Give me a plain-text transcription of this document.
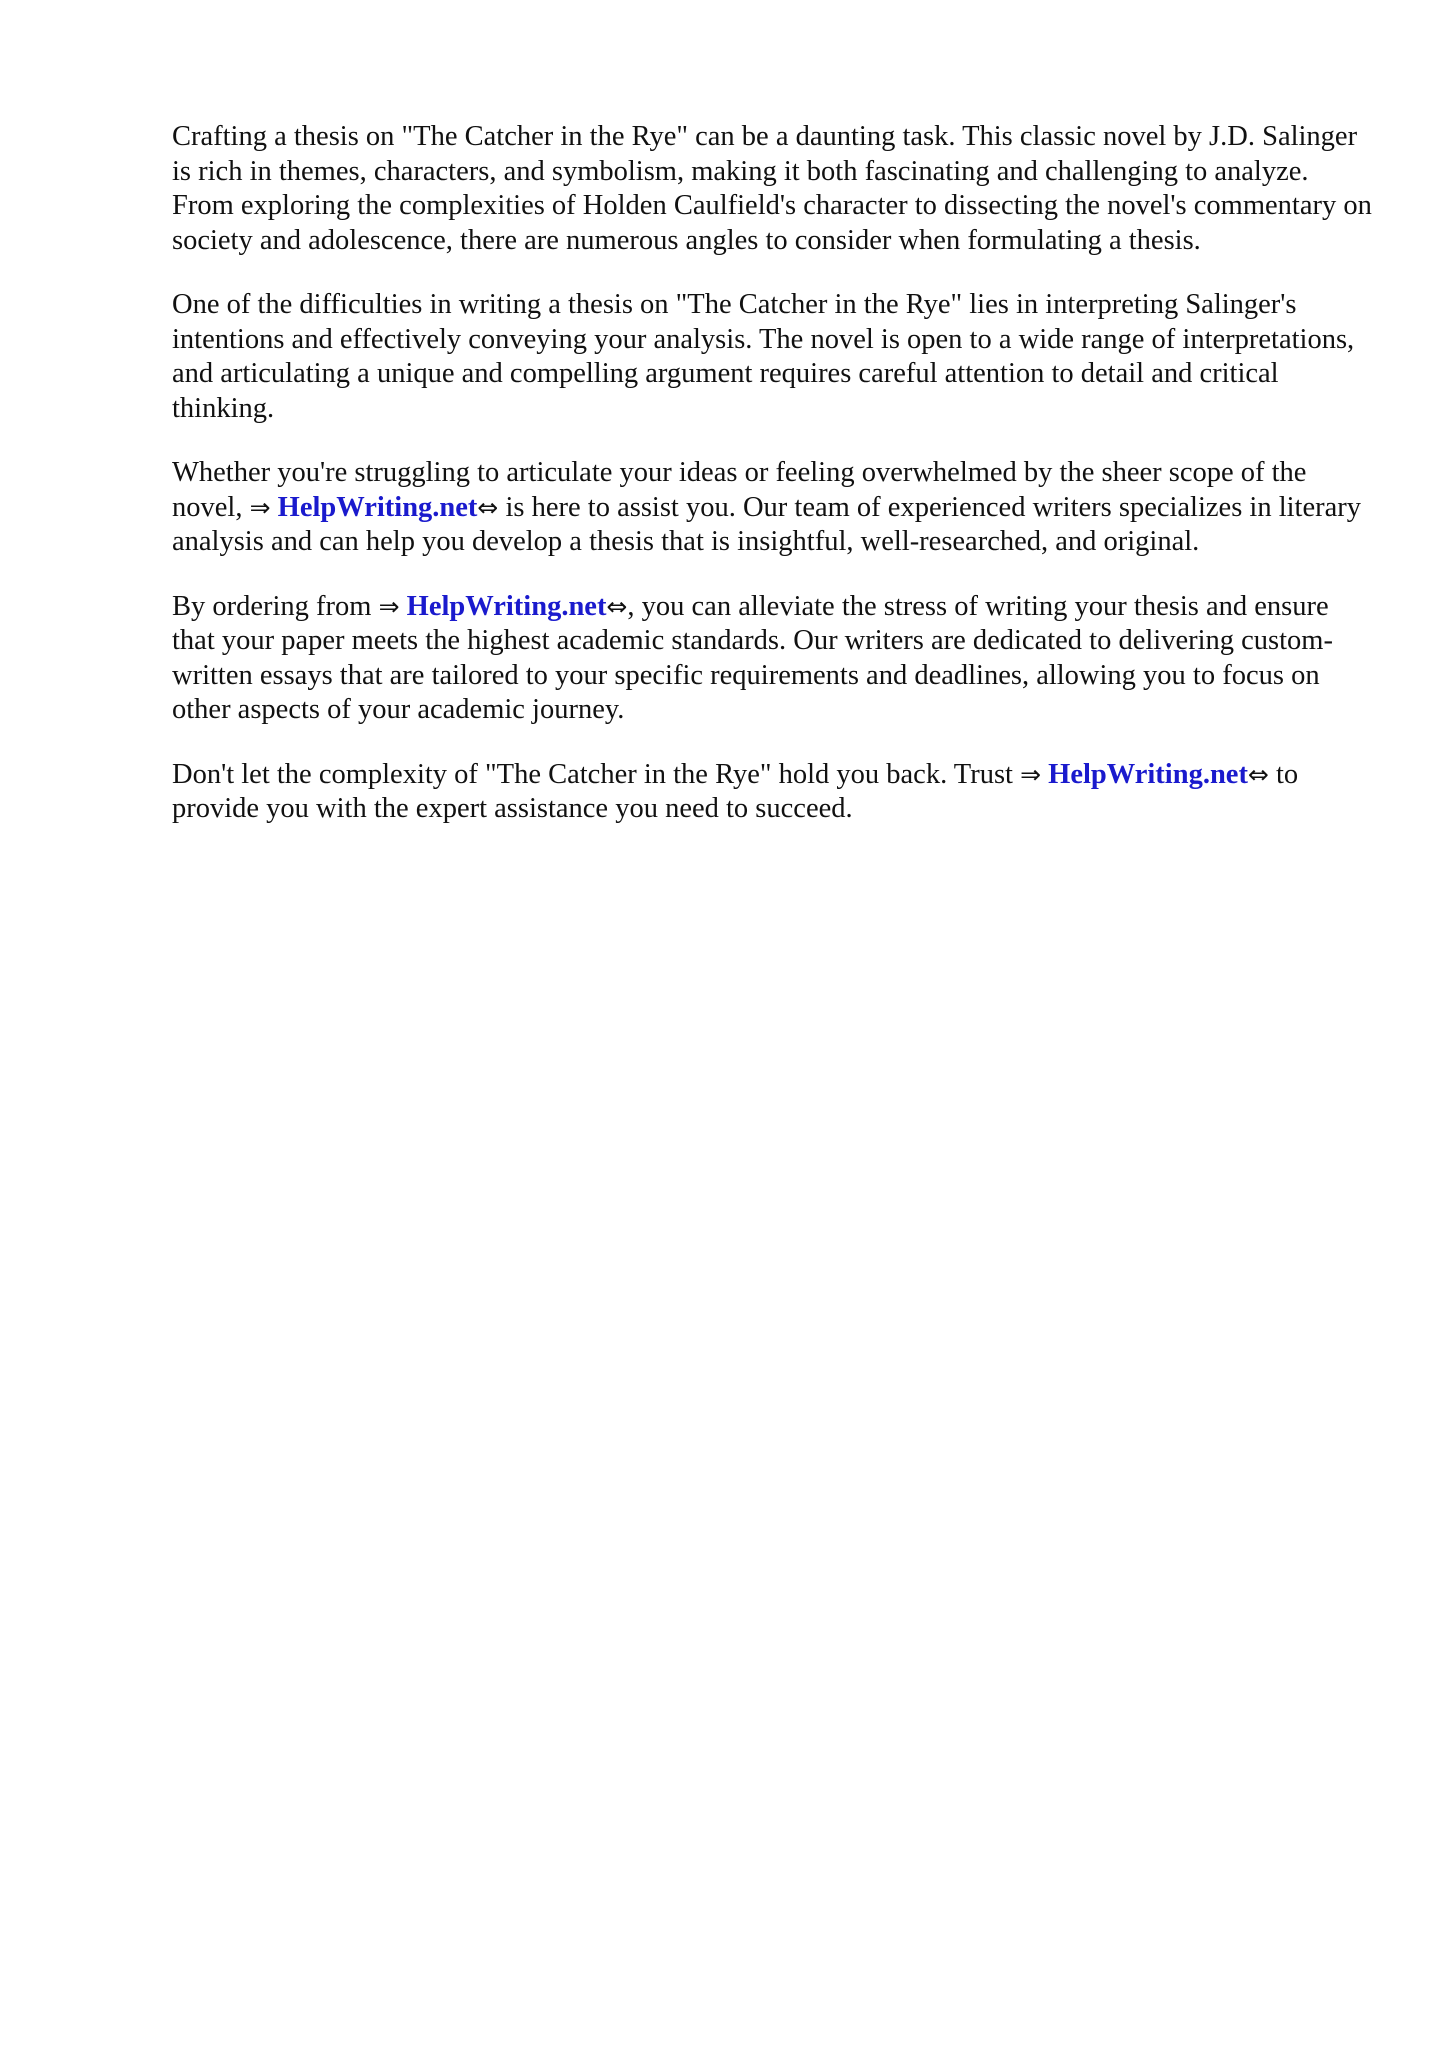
Crafting a thesis on "The Catcher in the Rye" can be a daunting task. This classic novel by J.D. Salinger is rich in themes, characters, and symbolism, making it both fascinating and challenging to analyze. From exploring the complexities of Holden Caulfield's character to dissecting the novel's commentary on society and adolescence, there are numerous angles to consider when formulating a thesis.

One of the difficulties in writing a thesis on "The Catcher in the Rye" lies in interpreting Salinger's intentions and effectively conveying your analysis. The novel is open to a wide range of interpretations, and articulating a unique and compelling argument requires careful attention to detail and critical thinking.

Whether you're struggling to articulate your ideas or feeling overwhelmed by the sheer scope of the novel, ⇒ HelpWriting.net⇔ is here to assist you. Our team of experienced writers specializes in literary analysis and can help you develop a thesis that is insightful, well-researched, and original.

By ordering from ⇒ HelpWriting.net⇔, you can alleviate the stress of writing your thesis and ensure that your paper meets the highest academic standards. Our writers are dedicated to delivering custom-written essays that are tailored to your specific requirements and deadlines, allowing you to focus on other aspects of your academic journey.

Don't let the complexity of "The Catcher in the Rye" hold you back. Trust ⇒ HelpWriting.net⇔ to provide you with the expert assistance you need to succeed.
